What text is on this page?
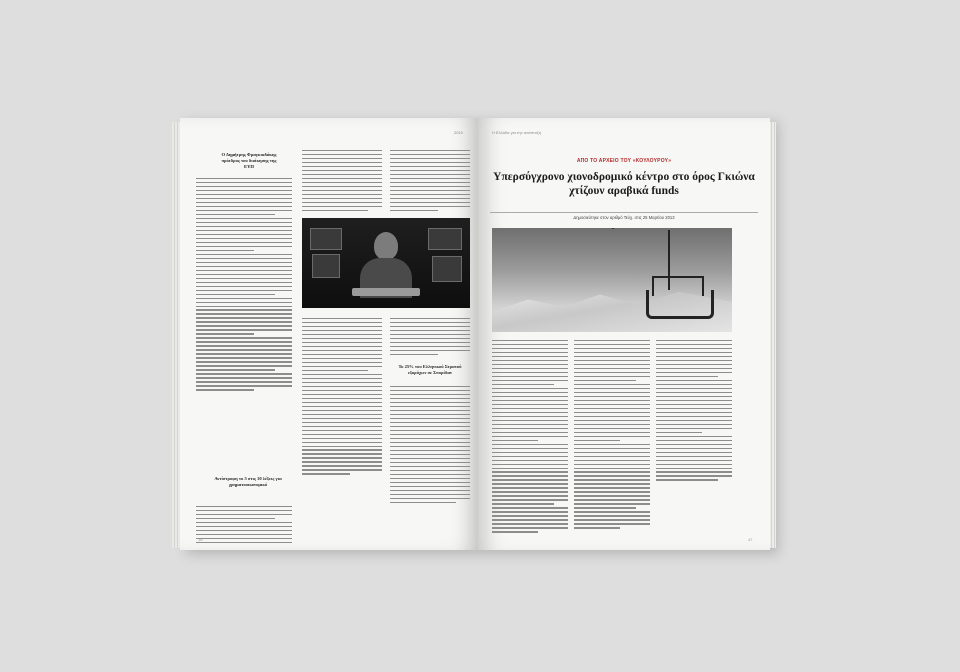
2010
Ο Δημήτρης Φραγκιαδάκης πρόεδρος του διοίκησης της ΕΥΠ
Αντίστροφη το 5 στις 10 λέξεις για χρηματοοικονομικό
Το 25% του Ελληνικού Στρατού εξορύχων σε Σπυρίδαν
18
Η Ελλάδα για την ανάπτυξη
ΑΠΟ ΤΟ ΑΡΧΕΙΟ ΤΟΥ «ΚΟΥΛΟΥΡΟΥ»
Υπερσύγχρονο χιονοδρομικό κέντρο στο όρος Γκιώνα χτίζουν αραβικά funds
Δημοσιεύτηκε στον αριθμό Τεύχ. στις 25 Μαρτίου 2013
47
